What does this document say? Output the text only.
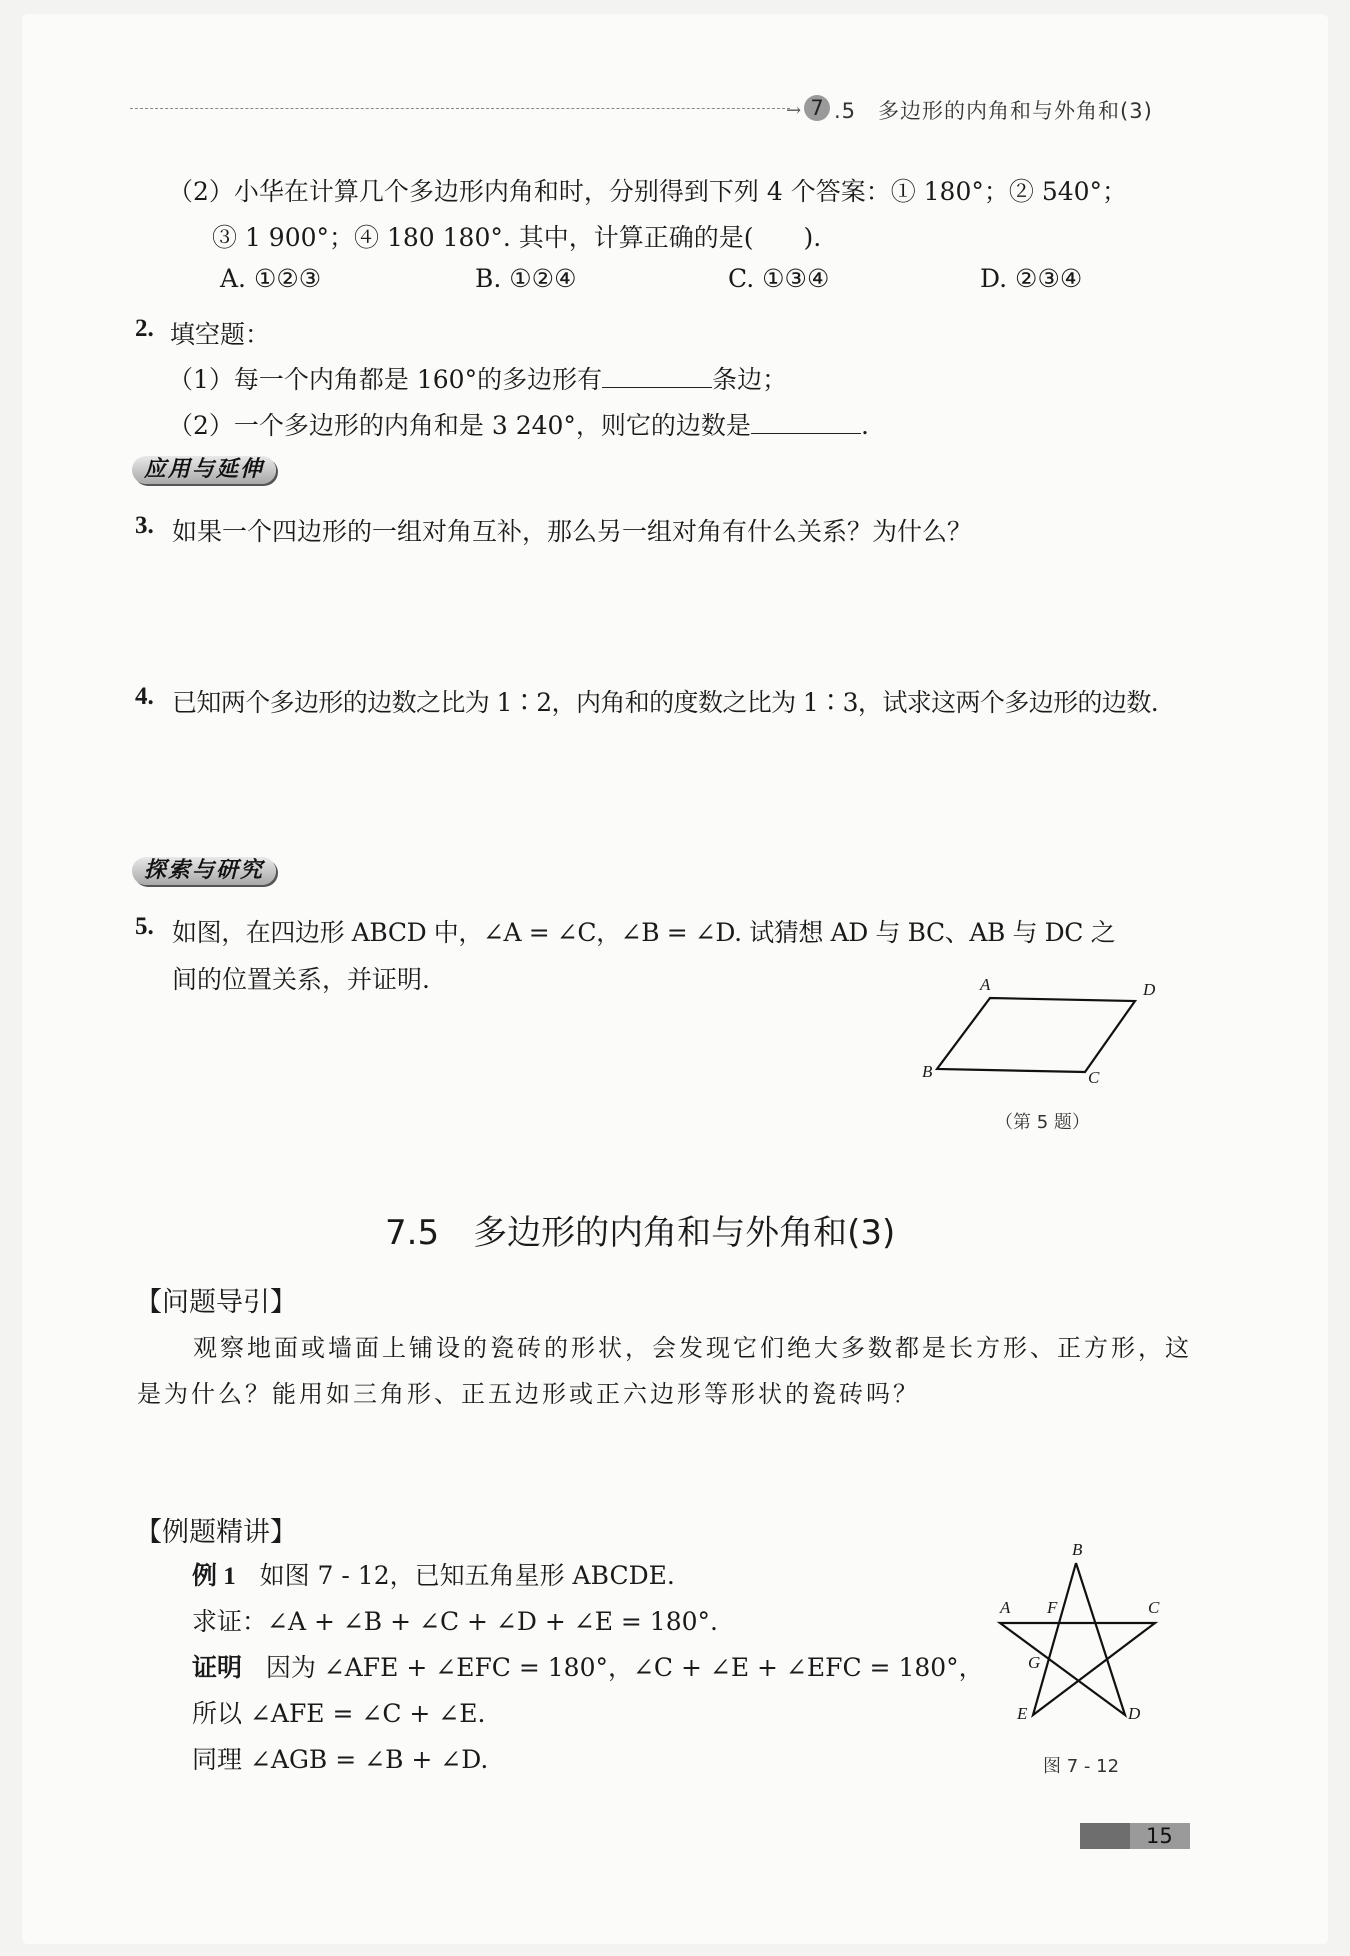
→ 7 .5　多边形的内角和与外角和(3)
（2）小华在计算几个多边形内角和时，分别得到下列 4 个答案：① 180°；② 540°；
③ 1 900°；④ 180 180°. 其中，计算正确的是(　　).
A. ①②③	B. ①②④	C. ①③④	D. ②③④
2. 填空题：
（1）每一个内角都是 160°的多边形有	条边；
（2）一个多边形的内角和是 3 240°，则它的边数是	.
应用与延伸
3. 如果一个四边形的一组对角互补，那么另一组对角有什么关系？为什么？
4. 已知两个多边形的边数之比为 1∶2，内角和的度数之比为 1∶3，试求这两个多边形的边数.
探索与研究
5. 如图，在四边形 ABCD 中，∠A = ∠C，∠B = ∠D. 试猜想 AD 与 BC、AB 与 DC 之
间的位置关系，并证明.	A	D
B	C
（第 5 题）
7.5　多边形的内角和与外角和(3)
【问题导引】
观察地面或墙面上铺设的瓷砖的形状，会发现它们绝大多数都是长方形、正方形，这
是为什么？能用如三角形、正五边形或正六边形等形状的瓷砖吗？
【例题精讲】
例 1 如图 7 - 12，已知五角星形 ABCDE.
求证：∠A + ∠B + ∠C + ∠D + ∠E = 180°.
证明 因为 ∠AFE + ∠EFC = 180°，∠C + ∠E + ∠EFC = 180°，
所以 ∠AFE = ∠C + ∠E.
同理 ∠AGB = ∠B + ∠D.
B
A F	C
G
E	D
图 7 - 12
15
